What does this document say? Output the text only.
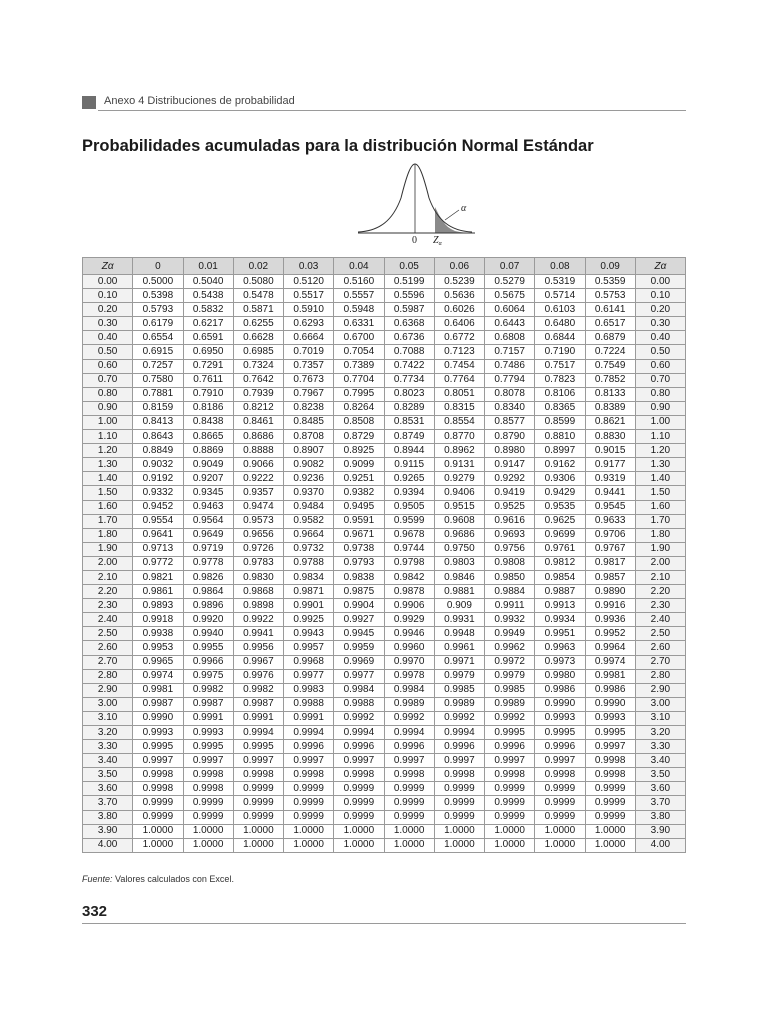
Anexo 4 Distribuciones de probabilidad
Probabilidades acumuladas para la distribución Normal Estándar
α
0 $Z_\alpha$
Zα	0	0.01	0.02	0.03	0.04	0.05	0.06	0.07	0.08	0.09	Zα
0.00	0.5000	0.5040	0.5080	0.5120	0.5160	0.5199	0.5239	0.5279	0.5319	0.5359	0.00
0.10	0.5398	0.5438	0.5478	0.5517	0.5557	0.5596	0.5636	0.5675	0.5714	0.5753	0.10
0.20	0.5793	0.5832	0.5871	0.5910	0.5948	0.5987	0.6026	0.6064	0.6103	0.6141	0.20
0.30	0.6179	0.6217	0.6255	0.6293	0.6331	0.6368	0.6406	0.6443	0.6480	0.6517	0.30
0.40	0.6554	0.6591	0.6628	0.6664	0.6700	0.6736	0.6772	0.6808	0.6844	0.6879	0.40
0.50	0.6915	0.6950	0.6985	0.7019	0.7054	0.7088	0.7123	0.7157	0.7190	0.7224	0.50
0.60	0.7257	0.7291	0.7324	0.7357	0.7389	0.7422	0.7454	0.7486	0.7517	0.7549	0.60
0.70	0.7580	0.7611	0.7642	0.7673	0.7704	0.7734	0.7764	0.7794	0.7823	0.7852	0.70
0.80	0.7881	0.7910	0.7939	0.7967	0.7995	0.8023	0.8051	0.8078	0.8106	0.8133	0.80
0.90	0.8159	0.8186	0.8212	0.8238	0.8264	0.8289	0.8315	0.8340	0.8365	0.8389	0.90
1.00	0.8413	0.8438	0.8461	0.8485	0.8508	0.8531	0.8554	0.8577	0.8599	0.8621	1.00
1.10	0.8643	0.8665	0.8686	0.8708	0.8729	0.8749	0.8770	0.8790	0.8810	0.8830	1.10
1.20	0.8849	0.8869	0.8888	0.8907	0.8925	0.8944	0.8962	0.8980	0.8997	0.9015	1.20
1.30	0.9032	0.9049	0.9066	0.9082	0.9099	0.9115	0.9131	0.9147	0.9162	0.9177	1.30
1.40	0.9192	0.9207	0.9222	0.9236	0.9251	0.9265	0.9279	0.9292	0.9306	0.9319	1.40
1.50	0.9332	0.9345	0.9357	0.9370	0.9382	0.9394	0.9406	0.9419	0.9429	0.9441	1.50
1.60	0.9452	0.9463	0.9474	0.9484	0.9495	0.9505	0.9515	0.9525	0.9535	0.9545	1.60
1.70	0.9554	0.9564	0.9573	0.9582	0.9591	0.9599	0.9608	0.9616	0.9625	0.9633	1.70
1.80	0.9641	0.9649	0.9656	0.9664	0.9671	0.9678	0.9686	0.9693	0.9699	0.9706	1.80
1.90	0.9713	0.9719	0.9726	0.9732	0.9738	0.9744	0.9750	0.9756	0.9761	0.9767	1.90
2.00	0.9772	0.9778	0.9783	0.9788	0.9793	0.9798	0.9803	0.9808	0.9812	0.9817	2.00
2.10	0.9821	0.9826	0.9830	0.9834	0.9838	0.9842	0.9846	0.9850	0.9854	0.9857	2.10
2.20	0.9861	0.9864	0.9868	0.9871	0.9875	0.9878	0.9881	0.9884	0.9887	0.9890	2.20
2.30	0.9893	0.9896	0.9898	0.9901	0.9904	0.9906	0.909	0.9911	0.9913	0.9916	2.30
2.40	0.9918	0.9920	0.9922	0.9925	0.9927	0.9929	0.9931	0.9932	0.9934	0.9936	2.40
2.50	0.9938	0.9940	0.9941	0.9943	0.9945	0.9946	0.9948	0.9949	0.9951	0.9952	2.50
2.60	0.9953	0.9955	0.9956	0.9957	0.9959	0.9960	0.9961	0.9962	0.9963	0.9964	2.60
2.70	0.9965	0.9966	0.9967	0.9968	0.9969	0.9970	0.9971	0.9972	0.9973	0.9974	2.70
2.80	0.9974	0.9975	0.9976	0.9977	0.9977	0.9978	0.9979	0.9979	0.9980	0.9981	2.80
2.90	0.9981	0.9982	0.9982	0.9983	0.9984	0.9984	0.9985	0.9985	0.9986	0.9986	2.90
3.00	0.9987	0.9987	0.9987	0.9988	0.9988	0.9989	0.9989	0.9989	0.9990	0.9990	3.00
3.10	0.9990	0.9991	0.9991	0.9991	0.9992	0.9992	0.9992	0.9992	0.9993	0.9993	3.10
3.20	0.9993	0.9993	0.9994	0.9994	0.9994	0.9994	0.9994	0.9995	0.9995	0.9995	3.20
3.30	0.9995	0.9995	0.9995	0.9996	0.9996	0.9996	0.9996	0.9996	0.9996	0.9997	3.30
3.40	0.9997	0.9997	0.9997	0.9997	0.9997	0.9997	0.9997	0.9997	0.9997	0.9998	3.40
3.50	0.9998	0.9998	0.9998	0.9998	0.9998	0.9998	0.9998	0.9998	0.9998	0.9998	3.50
3.60	0.9998	0.9998	0.9999	0.9999	0.9999	0.9999	0.9999	0.9999	0.9999	0.9999	3.60
3.70	0.9999	0.9999	0.9999	0.9999	0.9999	0.9999	0.9999	0.9999	0.9999	0.9999	3.70
3.80	0.9999	0.9999	0.9999	0.9999	0.9999	0.9999	0.9999	0.9999	0.9999	0.9999	3.80
3.90	1.0000	1.0000	1.0000	1.0000	1.0000	1.0000	1.0000	1.0000	1.0000	1.0000	3.90
4.00	1.0000	1.0000	1.0000	1.0000	1.0000	1.0000	1.0000	1.0000	1.0000	1.0000	4.00
Fuente: Valores calculados con Excel.
332
